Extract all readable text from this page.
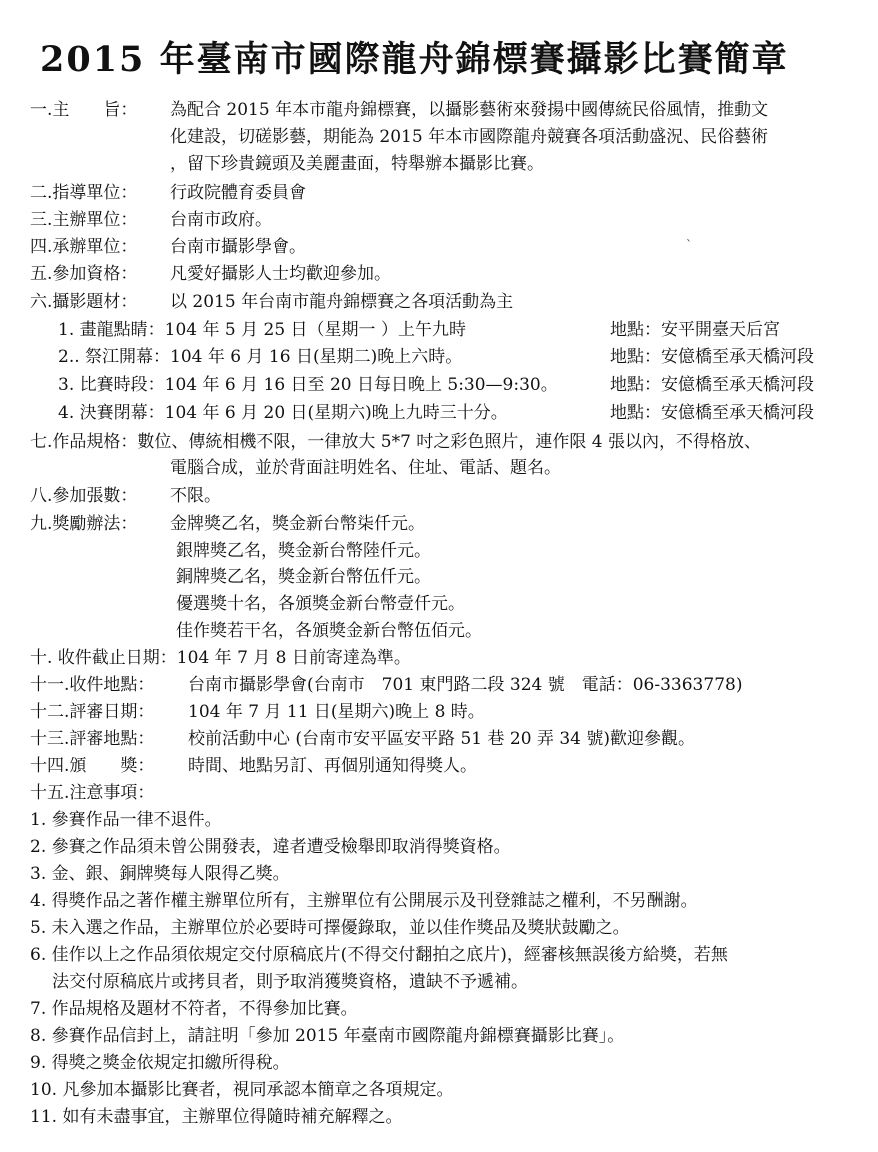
2015 年臺南市國際龍舟錦標賽攝影比賽簡章
一.主　　旨： 為配合 2015 年本市龍舟錦標賽，以攝影藝術來發揚中國傳統民俗風情，推動文
化建設，切磋影藝，期能為 2015 年本市國際龍舟競賽各項活動盛況、民俗藝術
，留下珍貴鏡頭及美麗畫面，特舉辦本攝影比賽。
二.指導單位： 行政院體育委員會
三.主辦單位： 台南市政府。
四.承辦單位： 台南市攝影學會。	ˋ
五.參加資格： 凡愛好攝影人士均歡迎參加。
六.攝影題材： 以 2015 年台南市龍舟錦標賽之各項活動為主
1. 畫龍點睛：104 年 5 月 25 日（星期一 ）上午九時	地點：安平開臺天后宮
2.. 祭江開幕：104 年 6 月 16 日(星期二)晚上六時。	地點：安億橋至承天橋河段
3. 比賽時段：104 年 6 月 16 日至 20 日每日晚上 5:30—9:30。	地點：安億橋至承天橋河段
4. 決賽閉幕：104 年 6 月 20 日(星期六)晚上九時三十分。	地點：安億橋至承天橋河段
七.作品規格：數位、傳統相機不限，一律放大 5*7 吋之彩色照片，連作限 4 張以內，不得格放、
電腦合成，並於背面註明姓名、住址、電話、題名。
八.參加張數： 不限。
九.獎勵辦法： 金牌獎乙名，獎金新台幣柒仟元。
銀牌獎乙名，獎金新台幣陸仟元。
銅牌獎乙名，獎金新台幣伍仟元。
優選獎十名，各頒獎金新台幣壹仟元。
佳作獎若干名，各頒獎金新台幣伍佰元。
十. 收件截止日期：104 年 7 月 8 日前寄達為準。
十一.收件地點： 台南市攝影學會(台南市　701 東門路二段 324 號　電話：06-3363778)
十二.評審日期： 104 年 7 月 11 日(星期六)晚上 8 時。
十三.評審地點： 校前活動中心 (台南市安平區安平路 51 巷 20 弄 34 號)歡迎參觀。
十四.頒　　獎： 時間、地點另訂、再個別通知得獎人。
十五.注意事項：
1. 參賽作品一律不退件。
2. 參賽之作品須未曾公開發表，違者遭受檢舉即取消得獎資格。
3. 金、銀、銅牌獎每人限得乙獎。
4. 得獎作品之著作權主辦單位所有，主辦單位有公開展示及刊登雜誌之權利，不另酬謝。
5. 未入選之作品，主辦單位於必要時可擇優錄取，並以佳作獎品及獎狀鼓勵之。
6. 佳作以上之作品須依規定交付原稿底片(不得交付翻拍之底片)，經審核無誤後方給獎，若無
法交付原稿底片或拷貝者，則予取消獲獎資格，遺缺不予遞補。
7. 作品規格及題材不符者，不得參加比賽。
8. 參賽作品信封上，請註明「參加 2015 年臺南市國際龍舟錦標賽攝影比賽」。
9. 得獎之獎金依規定扣繳所得稅。
10. 凡參加本攝影比賽者，視同承認本簡章之各項規定。
11. 如有未盡事宜，主辦單位得隨時補充解釋之。
